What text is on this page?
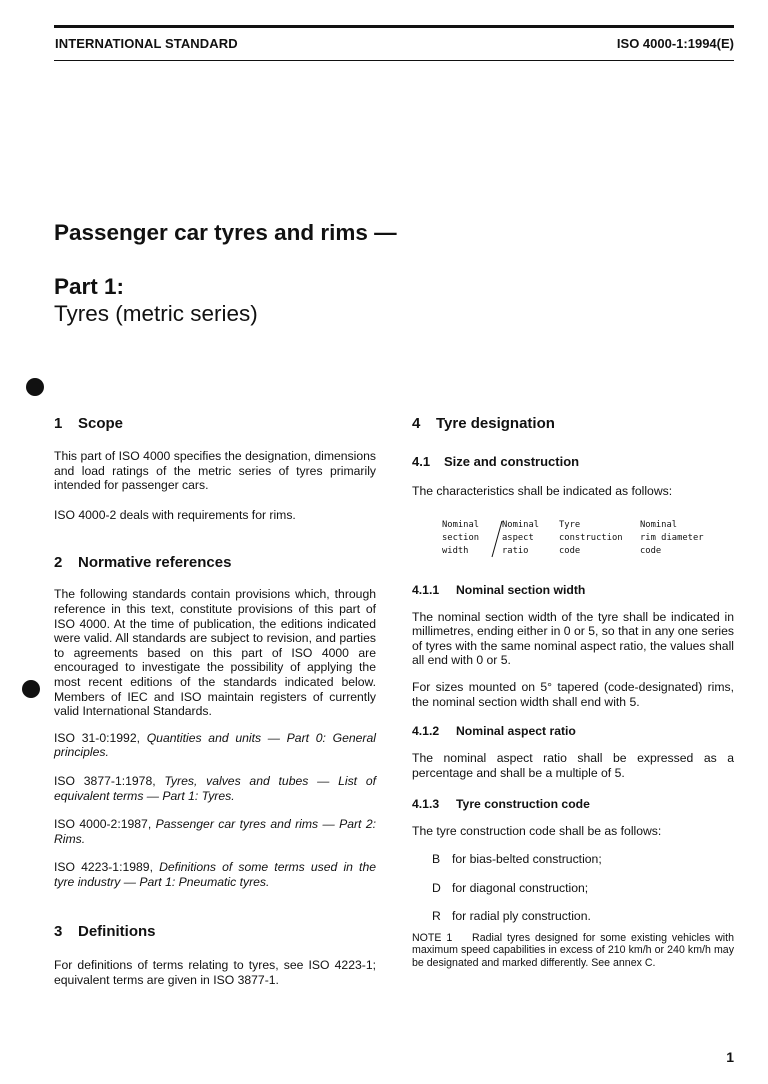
INTERNATIONAL STANDARD	ISO 4000-1:1994(E)
Passenger car tyres and rims —
Part 1:
Tyres (metric series)
1 Scope

This part of ISO 4000 specifies the designation, dimensions and load ratings of the metric series of tyres primarily intended for passenger cars.

ISO 4000-2 deals with requirements for rims.

2 Normative references

The following standards contain provisions which, through reference in this text, constitute provisions of this part of ISO 4000. At the time of publication, the editions indicated were valid. All standards are subject to revision, and parties to agreements based on this part of ISO 4000 are encouraged to investigate the possibility of applying the most recent editions of the standards indicated below. Members of IEC and ISO maintain registers of currently valid International Standards.

ISO 31-0:1992, Quantities and units — Part 0: General principles.

ISO 3877-1:1978, Tyres, valves and tubes — List of equivalent terms — Part 1: Tyres.

ISO 4000-2:1987, Passenger car tyres and rims — Part 2: Rims.

ISO 4223-1:1989, Definitions of some terms used in the tyre industry — Part 1: Pneumatic tyres.

3 Definitions

For definitions of terms relating to tyres, see ISO 4223-1; equivalent terms are given in ISO 3877-1.

4 Tyre designation
4.1 Size and construction

The characteristics shall be indicated as follows:

Nominal
section
width
Nominal
aspect
ratio
Tyre
construction
code
Nominal
rim diameter
code
4.1.1 Nominal section width

The nominal section width of the tyre shall be indicated in millimetres, ending either in 0 or 5, so that in any one series of tyres with the same nominal aspect ratio, the values shall all end with 0 or 5.

For sizes mounted on 5° tapered (code-designated) rims, the nominal section width shall end with 5.

4.1.2 Nominal aspect ratio

The nominal aspect ratio shall be expressed as a percentage and shall be a multiple of 5.

4.1.3 Tyre construction code

The tyre construction code shall be as follows:

B for bias-belted construction;
D for diagonal construction;
R for radial ply construction.

NOTE 1    Radial tyres designed for some existing vehicles with maximum speed capabilities in excess of 210 km/h or 240 km/h may be designated and marked differently. See annex C.

1
